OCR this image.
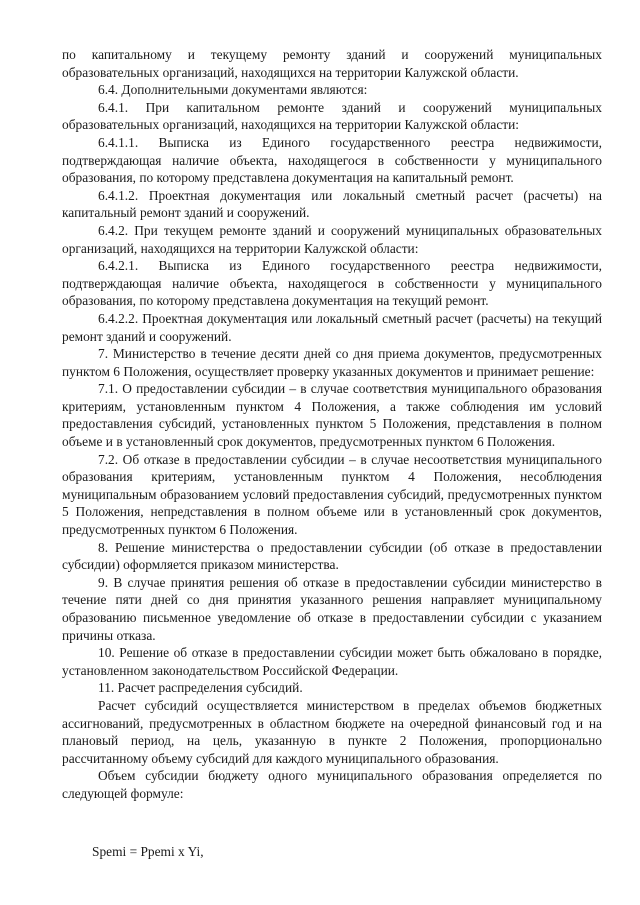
по капитальному и текущему ремонту зданий и сооружений муниципальных образовательных организаций, находящихся на территории Калужской области.

6.4. Дополнительными документами являются:

6.4.1. При капитальном ремонте зданий и сооружений муниципальных образовательных организаций, находящихся на территории Калужской области:

6.4.1.1. Выписка из Единого государственного реестра недвижимости, подтверждающая наличие объекта, находящегося в собственности у муниципального образования, по которому представлена документация на капитальный ремонт.

6.4.1.2. Проектная документация или локальный сметный расчет (расчеты) на капитальный ремонт зданий и сооружений.

6.4.2. При текущем ремонте зданий и сооружений муниципальных образовательных организаций, находящихся на территории Калужской области:

6.4.2.1. Выписка из Единого государственного реестра недвижимости, подтверждающая наличие объекта, находящегося в собственности у муниципального образования, по которому представлена документация на текущий ремонт.

6.4.2.2. Проектная документация или локальный сметный расчет (расчеты) на текущий ремонт зданий и сооружений.

7. Министерство в течение десяти дней со дня приема документов, предусмотренных пунктом 6 Положения, осуществляет проверку указанных документов и принимает решение:

7.1. О предоставлении субсидии – в случае соответствия муниципального образования критериям, установленным пунктом 4 Положения, а также соблюдения им условий предоставления субсидий, установленных пунктом 5 Положения, представления в полном объеме и в установленный срок документов, предусмотренных пунктом 6 Положения.

7.2. Об отказе в предоставлении субсидии – в случае несоответствия муниципального образования критериям, установленным пунктом 4 Положения, несоблюдения муниципальным образованием условий предоставления субсидий, предусмотренных пунктом 5 Положения, непредставления в полном объеме или в установленный срок документов, предусмотренных пунктом 6 Положения.

8. Решение министерства о предоставлении субсидии (об отказе в предоставлении субсидии) оформляется приказом министерства.

9. В случае принятия решения об отказе в предоставлении субсидии министерство в течение пяти дней со дня принятия указанного решения направляет муниципальному образованию письменное уведомление об отказе в предоставлении субсидии с указанием причины отказа.

10. Решение об отказе в предоставлении субсидии может быть обжаловано в порядке, установленном законодательством Российской Федерации.

11. Расчет распределения субсидий.

Расчет субсидий осуществляется министерством в пределах объемов бюджетных ассигнований, предусмотренных в областном бюджете на очередной финансовый год и на плановый период, на цель, указанную в пункте 2 Положения, пропорционально рассчитанному объему субсидий для каждого муниципального образования.

Объем субсидии бюджету одного муниципального образования определяется по следующей формуле:

Spemi = Ppemi x Yi,
